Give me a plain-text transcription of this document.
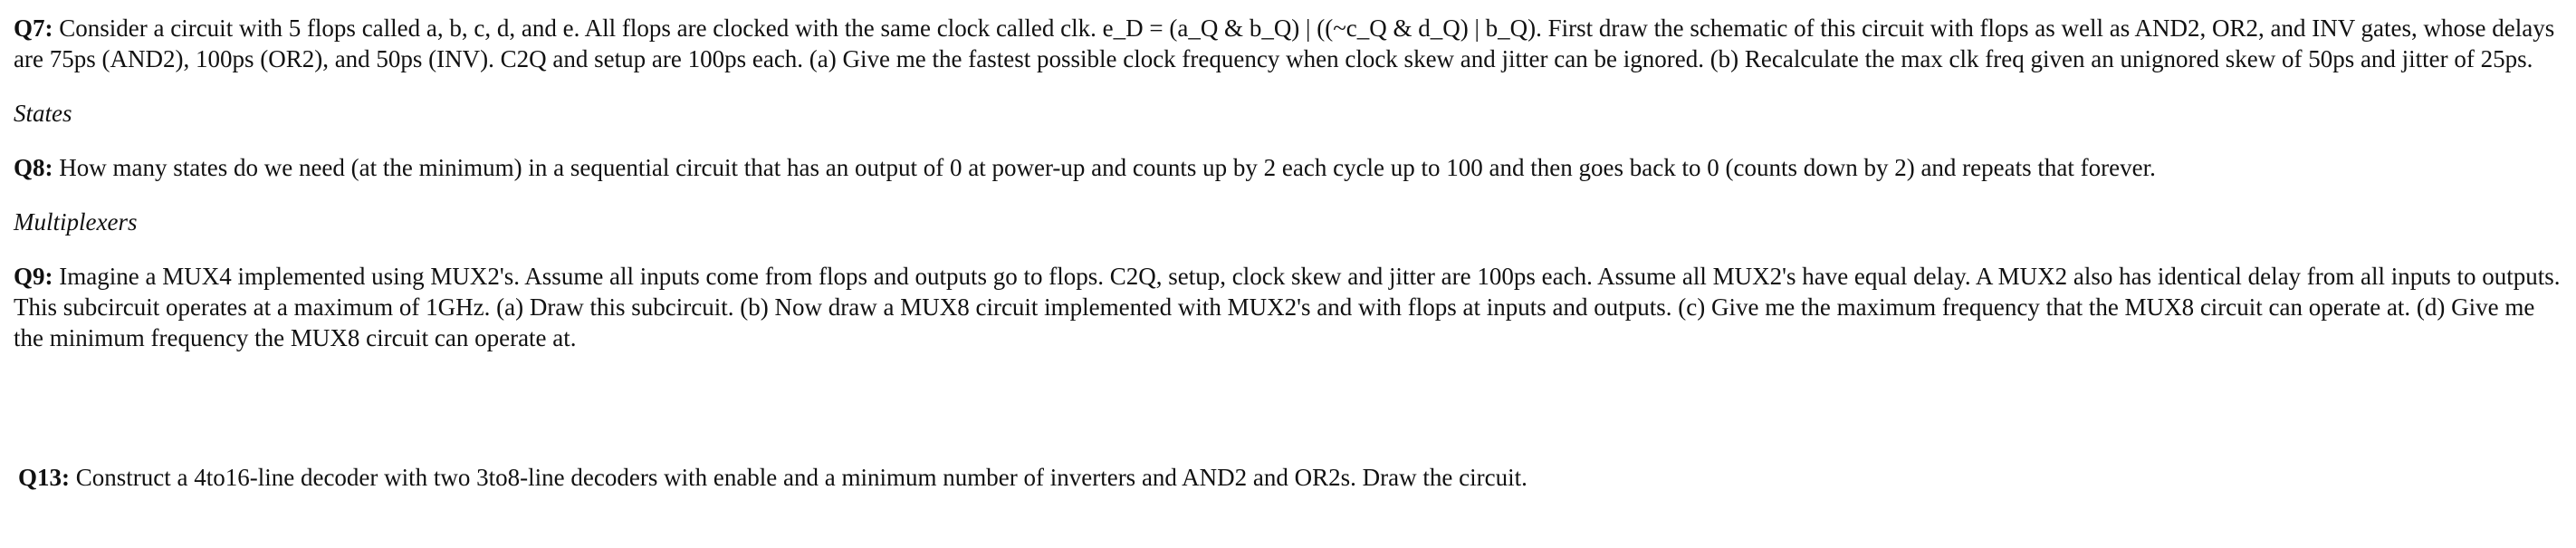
Q7: Consider a circuit with 5 flops called a, b, c, d, and e. All flops are clocked with the same clock called clk. e_D = (a_Q & b_Q) | ((~c_Q & d_Q) | b_Q). First draw the schematic of this circuit with flops as well as AND2, OR2, and INV gates, whose delays are 75ps (AND2), 100ps (OR2), and 50ps (INV). C2Q and setup are 100ps each. (a) Give me the fastest possible clock frequency when clock skew and jitter can be ignored. (b) Recalculate the max clk freq given an unignored skew of 50ps and jitter of 25ps.

States

Q8: How many states do we need (at the minimum) in a sequential circuit that has an output of 0 at power-up and counts up by 2 each cycle up to 100 and then goes back to 0 (counts down by 2) and repeats that forever.

Multiplexers

Q9: Imagine a MUX4 implemented using MUX2's. Assume all inputs come from flops and outputs go to flops. C2Q, setup, clock skew and jitter are 100ps each. Assume all MUX2's have equal delay. A MUX2 also has identical delay from all inputs to outputs. This subcircuit operates at a maximum of 1GHz. (a) Draw this subcircuit. (b) Now draw a MUX8 circuit implemented with MUX2's and with flops at inputs and outputs. (c) Give me the maximum frequency that the MUX8 circuit can operate at. (d) Give me the minimum frequency the MUX8 circuit can operate at.

Q13: Construct a 4to16-line decoder with two 3to8-line decoders with enable and a minimum number of inverters and AND2 and OR2s. Draw the circuit.
